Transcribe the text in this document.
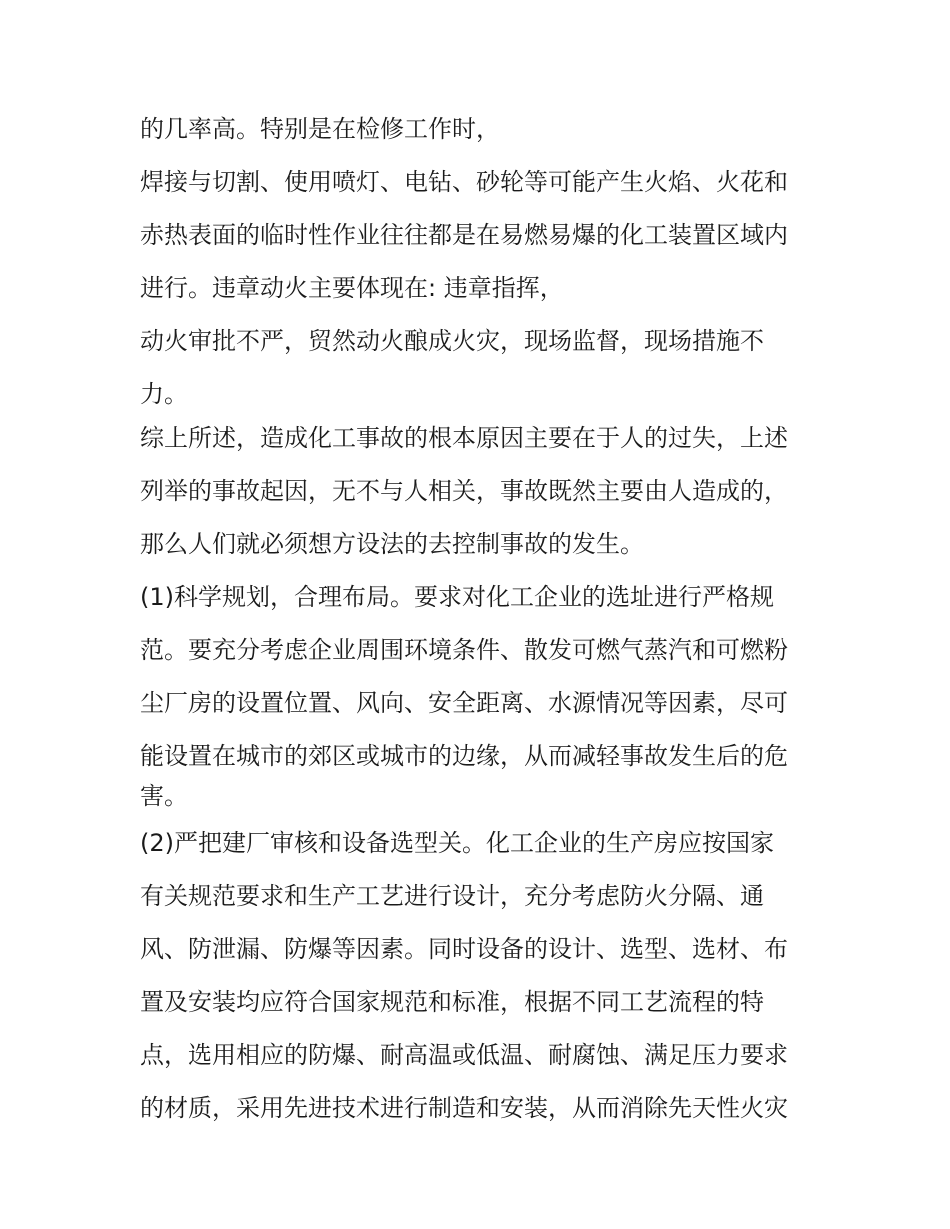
的几率高。特别是在检修工作时，
焊接与切割、使用喷灯、电钻、砂轮等可能产生火焰、火花和
赤热表面的临时性作业往往都是在易燃易爆的化工装置区域内
进行。违章动火主要体现在: 违章指挥，
动火审批不严，贸然动火酿成火灾，现场监督，现场措施不
力。
综上所述，造成化工事故的根本原因主要在于人的过失，上述
列举的事故起因，无不与人相关，事故既然主要由人造成的，
那么人们就必须想方设法的去控制事故的发生。
(1)科学规划，合理布局。要求对化工企业的选址进行严格规
范。要充分考虑企业周围环境条件、散发可燃气蒸汽和可燃粉
尘厂房的设置位置、风向、安全距离、水源情况等因素，尽可
能设置在城市的郊区或城市的边缘，从而减轻事故发生后的危
害。
(2)严把建厂审核和设备选型关。化工企业的生产房应按国家
有关规范要求和生产工艺进行设计，充分考虑防火分隔、通
风、防泄漏、防爆等因素。同时设备的设计、选型、选材、布
置及安装均应符合国家规范和标准，根据不同工艺流程的特
点，选用相应的防爆、耐高温或低温、耐腐蚀、满足压力要求
的材质，采用先进技术进行制造和安装，从而消除先天性火灾
